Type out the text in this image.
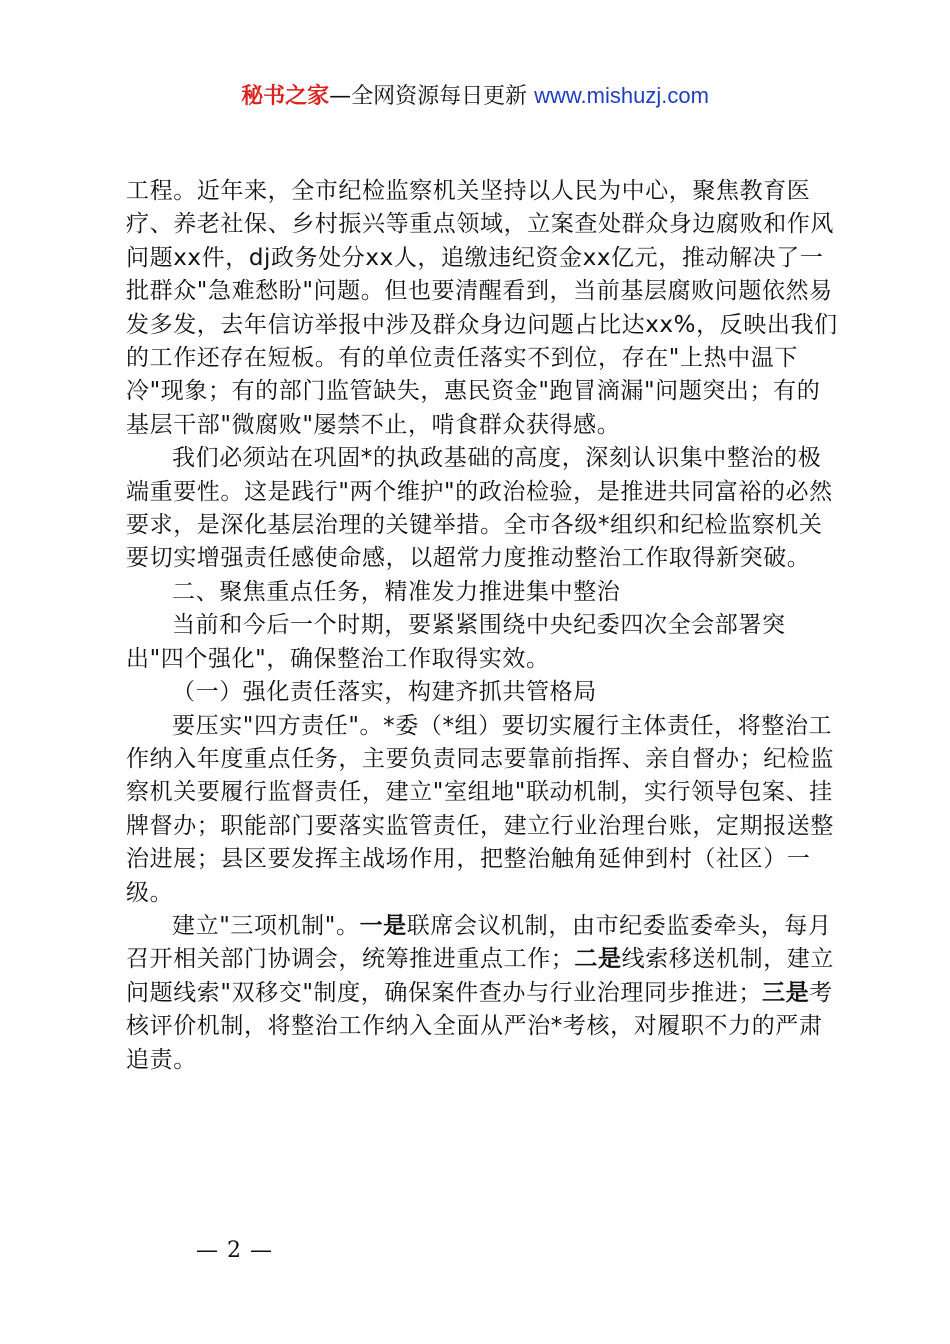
秘书之家—全网资源每日更新 www.mishuzj.com

工程。近年来，全市纪检监察机关坚持以人民为中心，聚焦教育医疗、养老社保、乡村振兴等重点领域，立案查处群众身边腐败和作风问题xx件，dj政务处分xx人，追缴违纪资金xx亿元，推动解决了一批群众"急难愁盼"问题。但也要清醒看到，当前基层腐败问题依然易发多发，去年信访举报中涉及群众身边问题占比达xx%，反映出我们的工作还存在短板。有的单位责任落实不到位，存在"上热中温下冷"现象；有的部门监管缺失，惠民资金"跑冒滴漏"问题突出；有的基层干部"微腐败"屡禁不止，啃食群众获得感。

我们必须站在巩固*的执政基础的高度，深刻认识集中整治的极端重要性。这是践行"两个维护"的政治检验，是推进共同富裕的必然要求，是深化基层治理的关键举措。全市各级*组织和纪检监察机关要切实增强责任感使命感，以超常力度推动整治工作取得新突破。

二、聚焦重点任务，精准发力推进集中整治

当前和今后一个时期，要紧紧围绕中央纪委四次全会部署突出"四个强化"，确保整治工作取得实效。

（一）强化责任落实，构建齐抓共管格局

要压实"四方责任"。*委（*组）要切实履行主体责任，将整治工作纳入年度重点任务，主要负责同志要靠前指挥、亲自督办；纪检监察机关要履行监督责任，建立"室组地"联动机制，实行领导包案、挂牌督办；职能部门要落实监管责任，建立行业治理台账，定期报送整治进展；县区要发挥主战场作用，把整治触角延伸到村（社区）一级。

建立"三项机制"。一是联席会议机制，由市纪委监委牵头，每月召开相关部门协调会，统筹推进重点工作；二是线索移送机制，建立问题线索"双移交"制度，确保案件查办与行业治理同步推进；三是考核评价机制，将整治工作纳入全面从严治*考核，对履职不力的严肃追责。

— 2 —
